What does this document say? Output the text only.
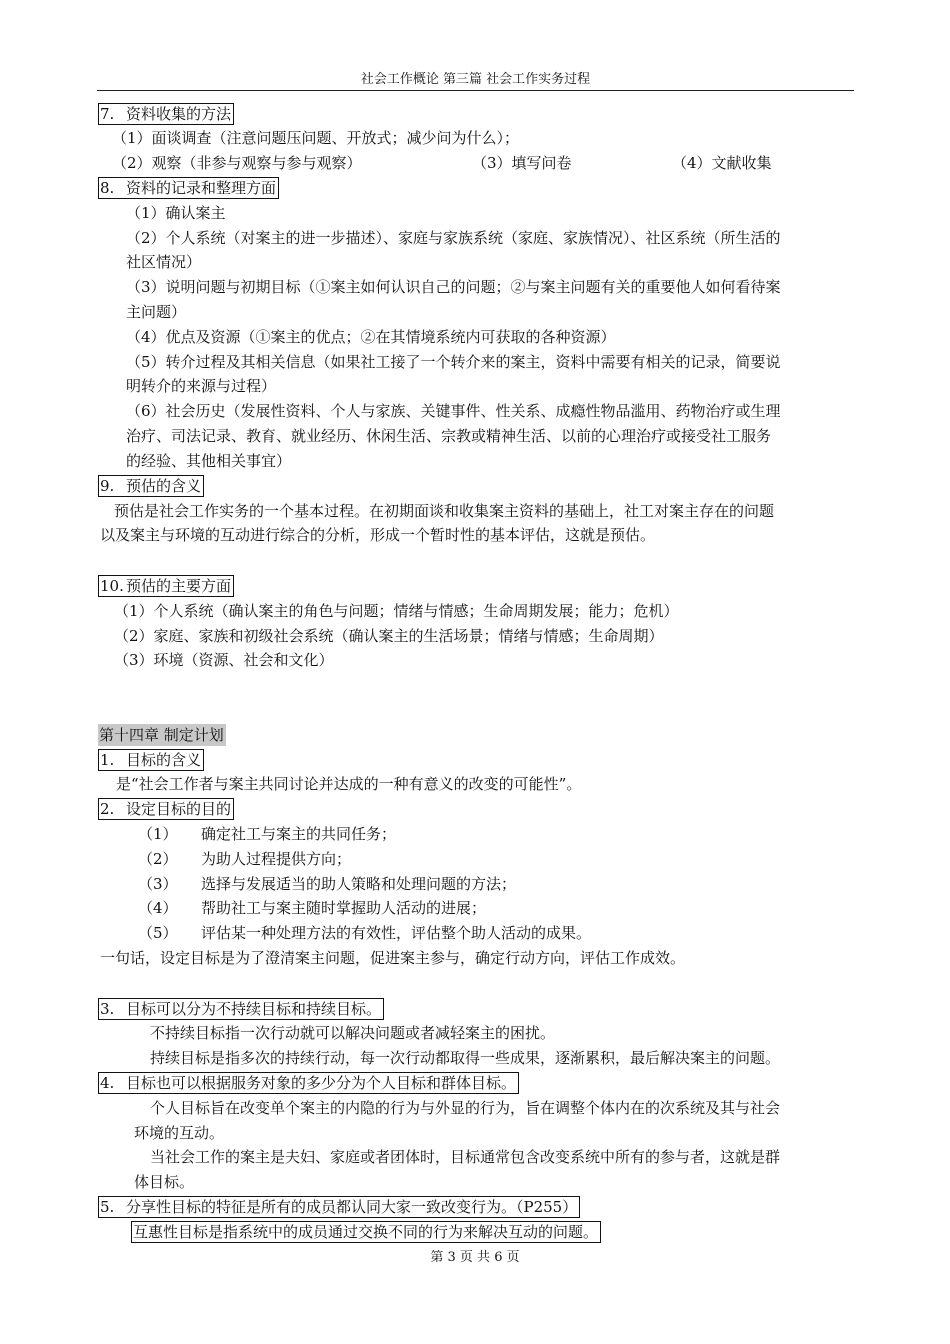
社会工作概论 第三篇 社会工作实务过程
7. 资料收集的方法
（1）面谈调查（注意问题压问题、开放式；减少问为什么）；
（2）观察（非参与观察与参与观察）	（3）填写问卷	（4）文献收集
8. 资料的记录和整理方面
（1）确认案主
（2）个人系统（对案主的进一步描述）、家庭与家族系统（家庭、家族情况）、社区系统（所生活的
社区情况）
（3）说明问题与初期目标（①案主如何认识自己的问题；②与案主问题有关的重要他人如何看待案
主问题）
（4）优点及资源（①案主的优点；②在其情境系统内可获取的各种资源）
（5）转介过程及其相关信息（如果社工接了一个转介来的案主，资料中需要有相关的记录，简要说
明转介的来源与过程）
（6）社会历史（发展性资料、个人与家族、关键事件、性关系、成瘾性物品滥用、药物治疗或生理
治疗、司法记录、教育、就业经历、休闲生活、宗教或精神生活、以前的心理治疗或接受社工服务
的经验、其他相关事宜）
9. 预估的含义
预估是社会工作实务的一个基本过程。在初期面谈和收集案主资料的基础上，社工对案主存在的问题
以及案主与环境的互动进行综合的分析，形成一个暂时性的基本评估，这就是预估。
10. 预估的主要方面
（1）个人系统（确认案主的角色与问题；情绪与情感；生命周期发展；能力；危机）
（2）家庭、家族和初级社会系统（确认案主的生活场景；情绪与情感；生命周期）
（3）环境（资源、社会和文化）
第十四章 制定计划
1. 目标的含义
是“社会工作者与案主共同讨论并达成的一种有意义的改变的可能性”。
2. 设定目标的目的
（1） 确定社工与案主的共同任务；
（2） 为助人过程提供方向；
（3） 选择与发展适当的助人策略和处理问题的方法；
（4） 帮助社工与案主随时掌握助人活动的进展；
（5） 评估某一种处理方法的有效性，评估整个助人活动的成果。
一句话，设定目标是为了澄清案主问题，促进案主参与，确定行动方向，评估工作成效。
3. 目标可以分为不持续目标和持续目标。
不持续目标指一次行动就可以解决问题或者减轻案主的困扰。
持续目标是指多次的持续行动，每一次行动都取得一些成果，逐渐累积，最后解决案主的问题。
4. 目标也可以根据服务对象的多少分为个人目标和群体目标。
个人目标旨在改变单个案主的内隐的行为与外显的行为，旨在调整个体内在的次系统及其与社会
环境的互动。
当社会工作的案主是夫妇、家庭或者团体时，目标通常包含改变系统中所有的参与者，这就是群
体目标。
5. 分享性目标的特征是所有的成员都认同大家一致改变行为。（P255）
互惠性目标是指系统中的成员通过交换不同的行为来解决互动的问题。
第 3 页 共 6 页
